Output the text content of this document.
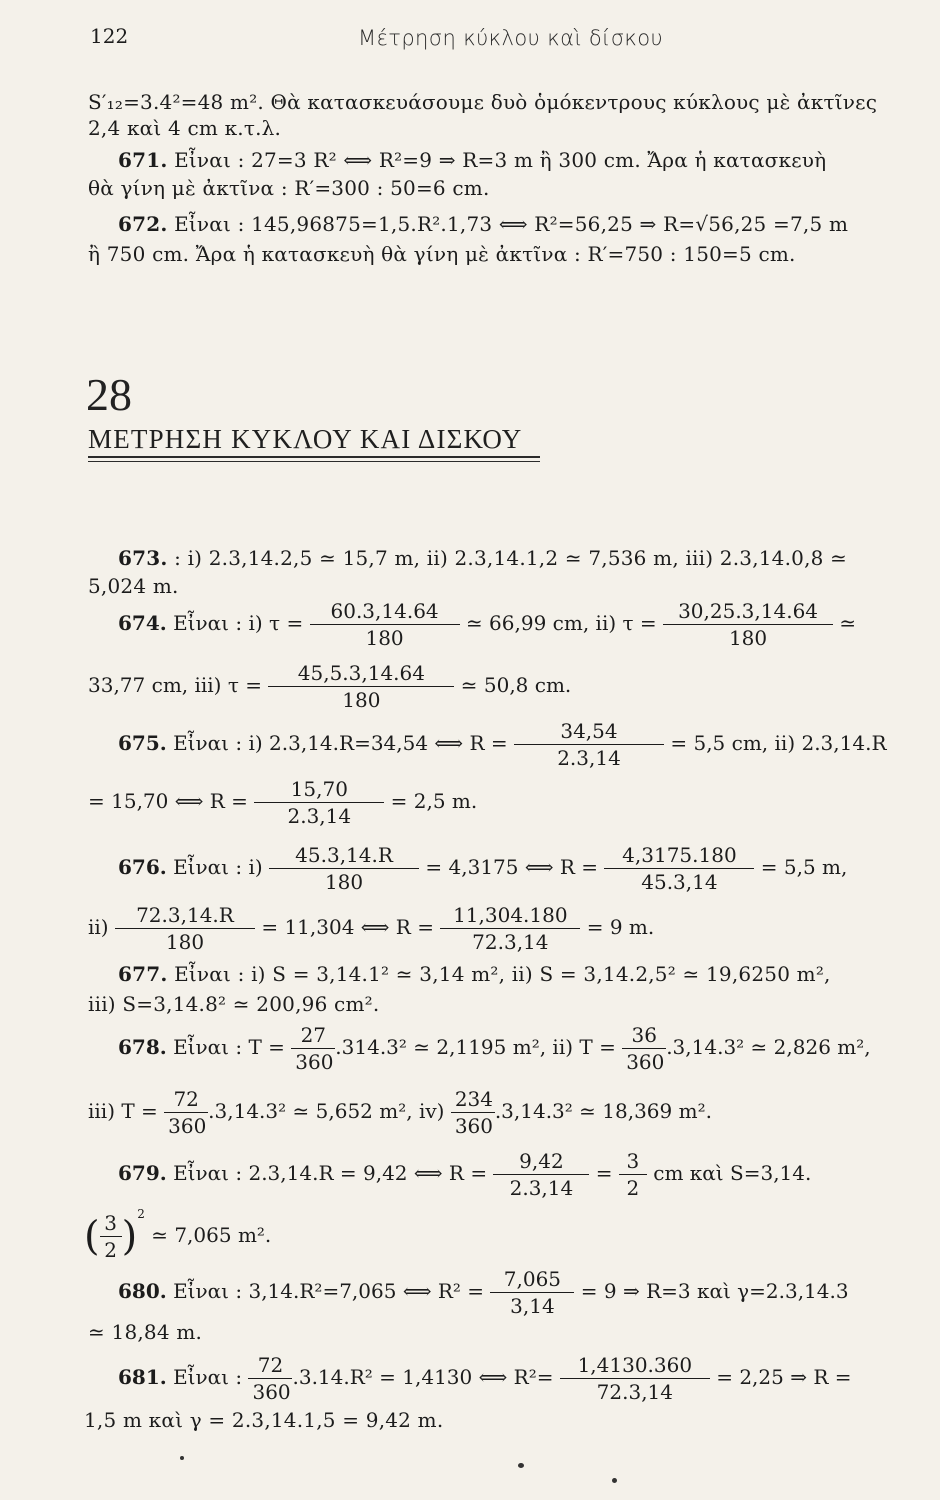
122	Μέτρηση κύκλου καὶ δίσκου
S′₁₂=3.4²=48 m². Θὰ κατασκευάσουμε δυὸ ὁμόκεντρους κύκλους μὲ ἀκτῖνες
2,4 καὶ 4 cm κ.τ.λ.
671. Εἶναι : 27=3 R² ⟺ R²=9 ⇒ R=3 m ἢ 300 cm. Ἄρα ἡ κατασκευὴ
θὰ γίνη μὲ ἀκτῖνα : R′=300 : 50=6 cm.
672. Εἶναι : 145,96875=1,5.R².1,73 ⟺ R²=56,25 ⇒ R=√56,25 =7,5 m
ἢ 750 cm. Ἄρα ἡ κατασκευὴ θὰ γίνη μὲ ἀκτῖνα : R′=750 : 150=5 cm.
28
ΜΕΤΡΗΣΗ ΚΥΚΛΟΥ ΚΑΙ ΔΙΣΚΟΥ
673. : i) 2.3,14.2,5 ≃ 15,7 m, ii) 2.3,14.1,2 ≃ 7,536 m, iii) 2.3,14.0,8 ≃
5,024 m.
674. Εἶναι : i) $\tau = \frac{60.3,14.64}{180}$ ≃ 66,99 cm, ii) $\tau = \frac{30,25.3,14.64}{180}$ ≃
33,77 cm, iii) $\tau = \frac{45,5.3,14.64}{180}$ ≃ 50,8 cm.
675. Εἶναι : i) 2.3,14.R=34,54 ⟺ $R = \frac{34,54}{2.3,14} = 5,5$ cm, ii) 2.3,14.R
= 15,70 ⟺ $R = \frac{15,70}{2.3,14} = 2,5$ m.
676. Εἶναι : $i) \frac{45.3,14.R}{180} = 4,3175$ ⟺ $R = \frac{4,3175.180}{45.3,14} = 5,5$ m,
$ii) \frac{72.3,14.R}{180} = 11,304$ ⟺ $R = \frac{11,304.180}{72.3,14} = 9$ m.
677. Εἶναι : i) S = 3,14.1² ≃ 3,14 m², ii) S = 3,14.2,5² ≃ 19,6250 m²,
iii) S=3,14.8² ≃ 200,96 cm².
678. Εἶναι : $T = \frac{27}{360} .314.3^2$ ≃ 2,1195 m², ii) $T = \frac{36}{360} .3,14.3^2$ ≃ 2,826 m²,
iii) $T = \frac{72}{360} .3,14.3^2$ ≃ 5,652 m², $iv) \frac{234}{360} .3,14.3^2$ ≃ 18,369 m².
679. Εἶναι : 2.3,14.R = 9,42 ⟺ $R = \frac{9,42}{2.3,14} = \frac{3}{2}$ cm καὶ S=3,14.
( $\frac{3}{2} )^2$ ≃ 7,065 m².
680. Εἶναι : 3,14.R²=7,065 ⟺ $R^2 = \frac{7,065}{3,14} = 9$ ⇒ R=3 καὶ γ=2.3,14.3
≃ 18,84 m.
681. Εἶναι : $\frac{72}{360} .3.14.R^2 = 1,4130$ ⟺ $R^2= \frac{1,4130.360}{72.3,14} = 2,25$ ⇒ R =
1,5 m καὶ γ = 2.3,14.1,5 = 9,42 m.
